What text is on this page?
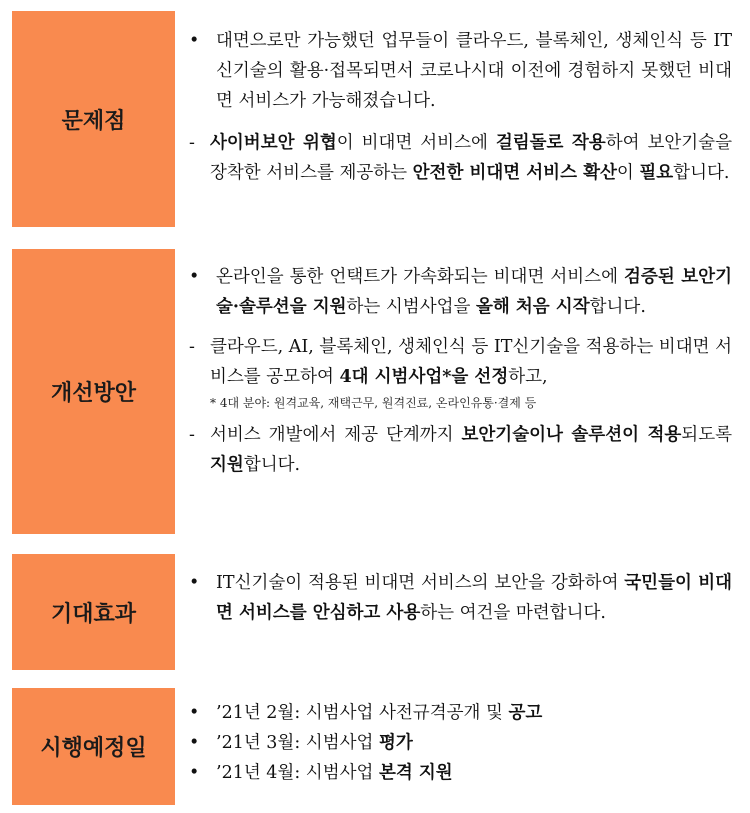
문제점
• 대면으로만 가능했던 업무들이 클라우드, 블록체인, 생체인식 등 IT신기술의 활용·접목되면서 코로나시대 이전에 경험하지 못했던 비대면 서비스가 가능해졌습니다.
- 사이버보안 위협이 비대면 서비스에 걸림돌로 작용하여 보안기술을 장착한 서비스를 제공하는 안전한 비대면 서비스 확산이 필요합니다.
개선방안
• 온라인을 통한 언택트가 가속화되는 비대면 서비스에 검증된 보안기술·솔루션을 지원하는 시범사업을 올해 처음 시작합니다.
- 클라우드, AI, 블록체인, 생체인식 등 IT신기술을 적용하는 비대면 서비스를 공모하여 4대 시범사업*을 선정하고,
* 4대 분야: 원격교육, 재택근무, 원격진료, 온라인유통·결제 등
- 서비스 개발에서 제공 단계까지 보안기술이나 솔루션이 적용되도록 지원합니다.
기대효과
• IT신기술이 적용된 비대면 서비스의 보안을 강화하여 국민들이 비대면 서비스를 안심하고 사용하는 여건을 마련합니다.
시행예정일
• ’21년 2월: 시범사업 사전규격공개 및 공고
• ’21년 3월: 시범사업 평가
• ’21년 4월: 시범사업 본격 지원
